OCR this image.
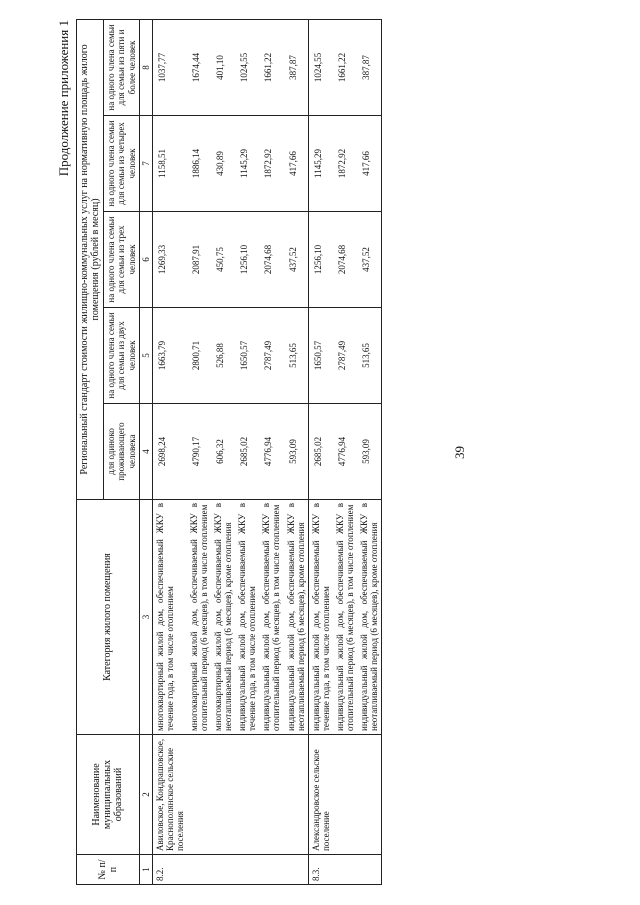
39
Продолжение приложения 1
№ п/п	Наименование муниципальных образований	Категория жилого помещения	Региональный стандарт стоимости жилищно-коммунальных услуг на нормативную площадь жилого помещения (рублей в месяц)				
			для одиноко проживающего человека	на одного члена семьи для семьи из двух человек	на одного члена семьи для семьи из трех человек	на одного члена семьи для семьи из четырех человек	на одного члена семьи для семьи из пяти и более человек
1	2	3	4	5	6	7	8
8.2.	Авиловское, Кондрашовское, Краснополянское сельские поселения	многоквартирный жилой дом, обеспечиваемый ЖКУ в течение года, в том числе отоплением	2698,24	1663,79	1269,33	1158,51	1037,77
		многоквартирный жилой дом, обеспечиваемый ЖКУ в отопительный период (6 месяцев), в том числе отоплением	4790,17	2800,71	2087,91	1886,14	1674,44
		многоквартирный жилой дом, обеспечиваемый ЖКУ в неотапливаемый период (6 месяцев), кроме отопления	606,32	526,88	450,75	430,89	401,10
		индивидуальный жилой дом, обеспечиваемый ЖКУ в течение года, в том числе отоплением	2685,02	1650,57	1256,10	1145,29	1024,55
		индивидуальный жилой дом, обеспечиваемый ЖКУ в отопительный период (6 месяцев), в том числе отоплением	4776,94	2787,49	2074,68	1872,92	1661,22
		индивидуальный жилой дом, обеспечиваемый ЖКУ в неотапливаемый период (6 месяцев), кроме отопления	593,09	513,65	437,52	417,66	387,87
8.3.	Александровское сельское поселение	индивидуальный жилой дом, обеспечиваемый ЖКУ в течение года, в том числе отоплением	2685,02	1650,57	1256,10	1145,29	1024,55
		индивидуальный жилой дом, обеспечиваемый ЖКУ в отопительный период (6 месяцев), в том числе отоплением	4776,94	2787,49	2074,68	1872,92	1661,22
		индивидуальный жилой дом, обеспечиваемый ЖКУ в неотапливаемый период (6 месяцев), кроме отопления	593,09	513,65	437,52	417,66	387,87
